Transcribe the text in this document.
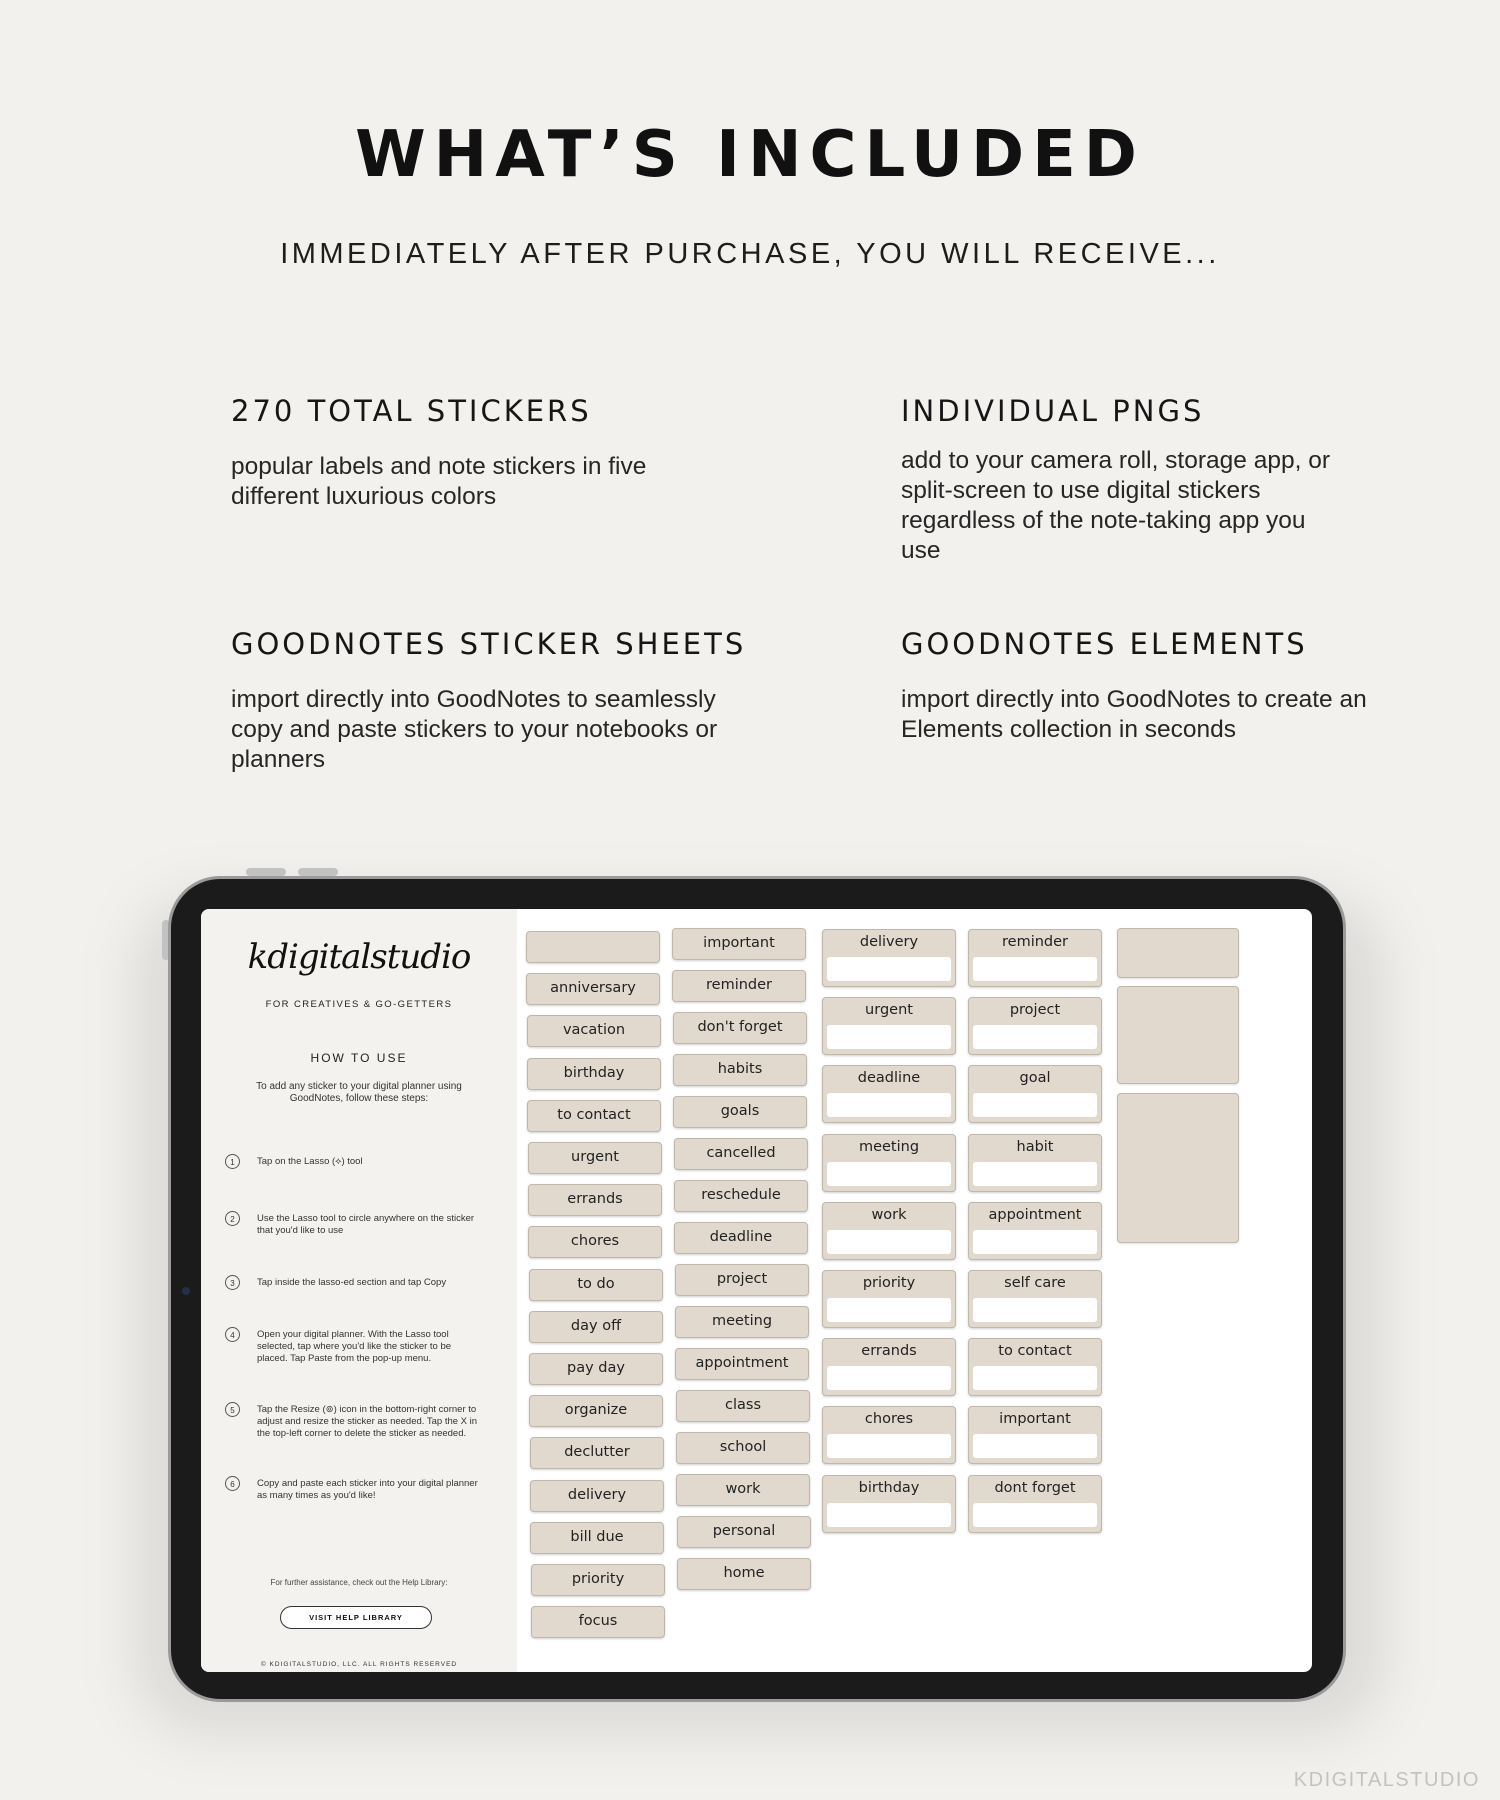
WHAT’S INCLUDED

IMMEDIATELY AFTER PURCHASE, YOU WILL RECEIVE...

270 TOTAL STICKERS

popular labels and note stickers in five different luxurious colors

INDIVIDUAL PNGS

add to your camera roll, storage app, or split-screen to use digital stickers regardless of the note-taking app you use

GOODNOTES STICKER SHEETS

import directly into GoodNotes to seamlessly copy and paste stickers to your notebooks or planners

GOODNOTES ELEMENTS

import directly into GoodNotes to create an Elements collection in seconds

kdigitalstudio
FOR CREATIVES & GO-GETTERS
HOW TO USE
To add any sticker to your digital planner using GoodNotes, follow these steps:
1	Tap on the Lasso (⟡) tool
2	Use the Lasso tool to circle anywhere on the sticker that you'd like to use
3	Tap inside the lasso-ed section and tap Copy
4	Open your digital planner. With the Lasso tool selected, tap where you'd like the sticker to be placed. Tap Paste from the pop-up menu.
5	Tap the Resize (⊚) icon in the bottom-right corner to adjust and resize the sticker as needed. Tap the X in the top-left corner to delete the sticker as needed.
6	Copy and paste each sticker into your digital planner as many times as you'd like!
For further assistance, check out the Help Library:
VISIT HELP LIBRARY
© KDIGITALSTUDIO, LLC. ALL RIGHTS RESERVED
anniversary
vacation
birthday
to contact
urgent
errands
chores
to do
day off
pay day
organize
declutter
delivery
bill due
priority
focus
important
reminder
don't forget
habits
goals
cancelled
reschedule
deadline
project
meeting
appointment
class
school
work
personal
home
delivery
urgent
deadline
meeting
work
priority
errands
chores
birthday
reminder
project
goal
habit
appointment
self care
to contact
important
dont forget
KDIGITALSTUDIO
